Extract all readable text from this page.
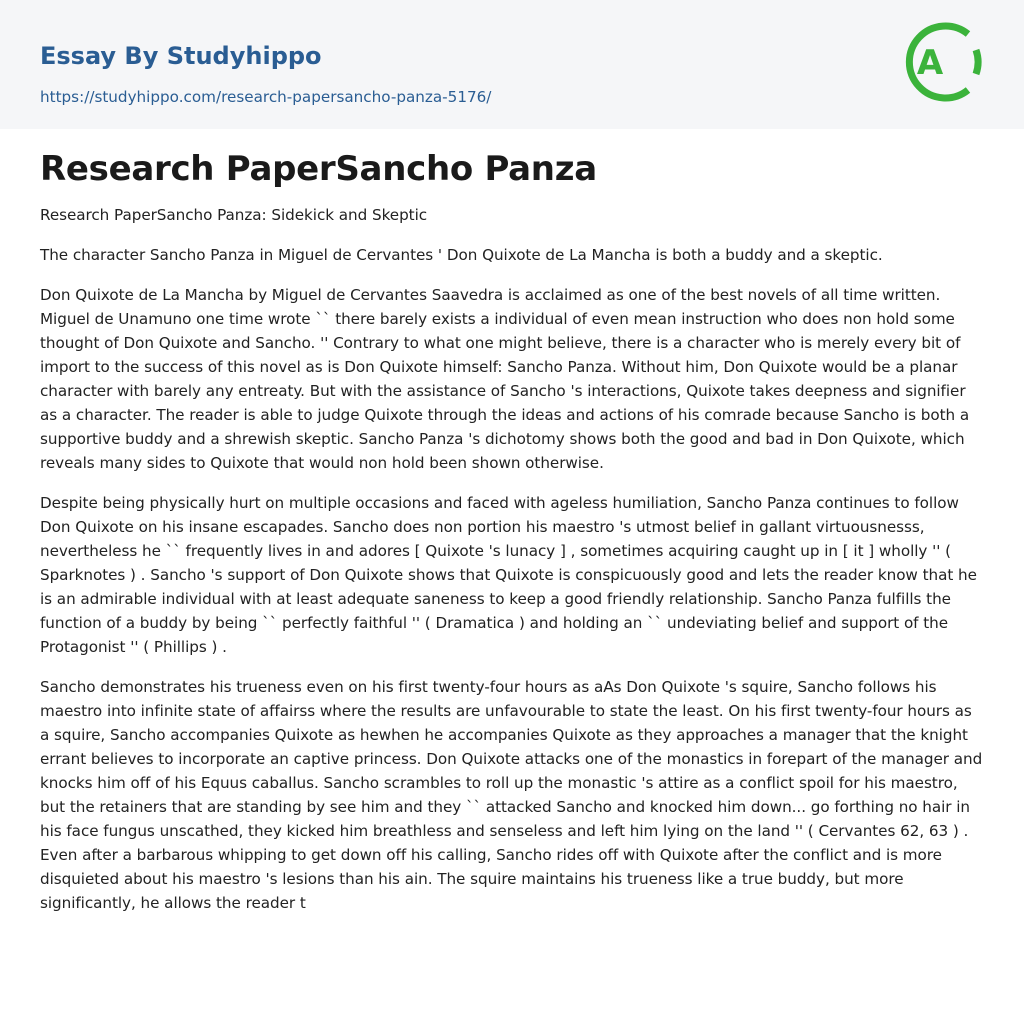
Essay By Studyhippo
https://studyhippo.com/research-papersancho-panza-5176/
A
Research PaperSancho Panza

Research PaperSancho Panza: Sidekick and Skeptic

The character Sancho Panza in Miguel de Cervantes ' Don Quixote de La Mancha is both a buddy and a skeptic.

Don Quixote de La Mancha by Miguel de Cervantes Saavedra is acclaimed as one of the best novels of all time written. Miguel de Unamuno one time wrote `` there barely exists a individual of even mean instruction who does non hold some thought of Don Quixote and Sancho. '' Contrary to what one might believe, there is a character who is merely every bit of import to the success of this novel as is Don Quixote himself: Sancho Panza. Without him, Don Quixote would be a planar character with barely any entreaty. But with the assistance of Sancho 's interactions, Quixote takes deepness and signifier as a character. The reader is able to judge Quixote through the ideas and actions of his comrade because Sancho is both a supportive buddy and a shrewish skeptic. Sancho Panza 's dichotomy shows both the good and bad in Don Quixote, which reveals many sides to Quixote that would non hold been shown otherwise.

Despite being physically hurt on multiple occasions and faced with ageless humiliation, Sancho Panza continues to follow Don Quixote on his insane escapades. Sancho does non portion his maestro 's utmost belief in gallant virtuousnesss, nevertheless he `` frequently lives in and adores [ Quixote 's lunacy ] , sometimes acquiring caught up in [ it ] wholly '' ( Sparknotes ) . Sancho 's support of Don Quixote shows that Quixote is conspicuously good and lets the reader know that he is an admirable individual with at least adequate saneness to keep a good friendly relationship. Sancho Panza fulfills the function of a buddy by being `` perfectly faithful '' ( Dramatica ) and holding an `` undeviating belief and support of the Protagonist '' ( Phillips ) .

Sancho demonstrates his trueness even on his first twenty-four hours as aAs Don Quixote 's squire, Sancho follows his maestro into infinite state of affairss where the results are unfavourable to state the least. On his first twenty-four hours as a squire, Sancho accompanies Quixote as hewhen he accompanies Quixote as they approaches a manager that the knight errant believes to incorporate an captive princess. Don Quixote attacks one of the monastics in forepart of the manager and knocks him off of his Equus caballus. Sancho scrambles to roll up the monastic 's attire as a conflict spoil for his maestro, but the retainers that are standing by see him and they `` attacked Sancho and knocked him down... go forthing no hair in his face fungus unscathed, they kicked him breathless and senseless and left him lying on the land '' ( Cervantes 62, 63 ) . Even after a barbarous whipping to get down off his calling, Sancho rides off with Quixote after the conflict and is more disquieted about his maestro 's lesions than his ain. The squire maintains his trueness like a true buddy, but more significantly, he allows the reader t
